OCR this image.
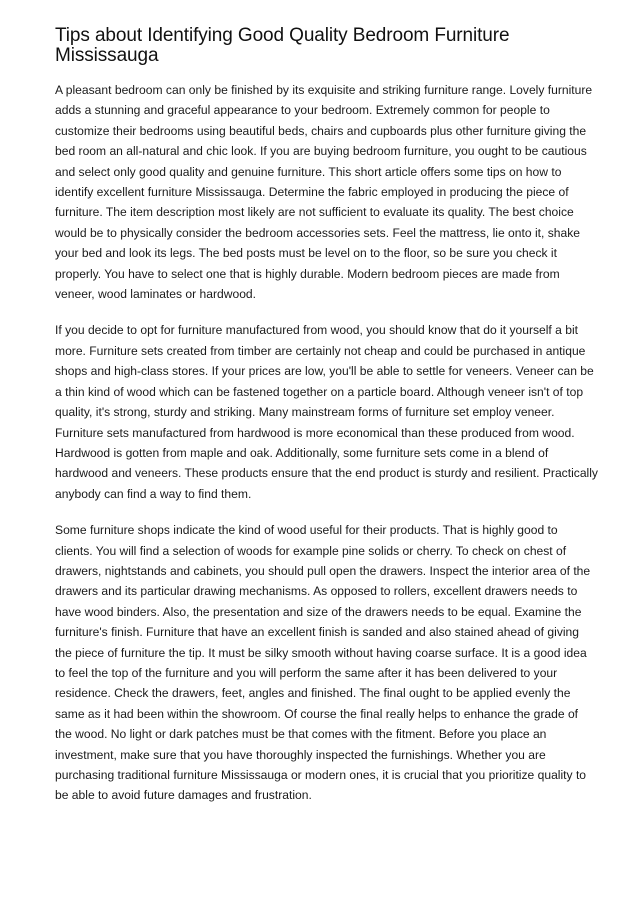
Tips about Identifying Good Quality Bedroom Furniture Mississauga

A pleasant bedroom can only be finished by its exquisite and striking furniture range. Lovely furniture adds a stunning and graceful appearance to your bedroom. Extremely common for people to customize their bedrooms using beautiful beds, chairs and cupboards plus other furniture giving the bed room an all-natural and chic look. If you are buying bedroom furniture, you ought to be cautious and select only good quality and genuine furniture. This short article offers some tips on how to identify excellent furniture Mississauga. Determine the fabric employed in producing the piece of furniture. The item description most likely are not sufficient to evaluate its quality. The best choice would be to physically consider the bedroom accessories sets. Feel the mattress, lie onto it, shake your bed and look its legs. The bed posts must be level on to the floor, so be sure you check it properly. You have to select one that is highly durable. Modern bedroom pieces are made from veneer, wood laminates or hardwood.

If you decide to opt for furniture manufactured from wood, you should know that do it yourself a bit more. Furniture sets created from timber are certainly not cheap and could be purchased in antique shops and high-class stores. If your prices are low, you'll be able to settle for veneers. Veneer can be a thin kind of wood which can be fastened together on a particle board. Although veneer isn't of top quality, it's strong, sturdy and striking. Many mainstream forms of furniture set employ veneer. Furniture sets manufactured from hardwood is more economical than these produced from wood. Hardwood is gotten from maple and oak. Additionally, some furniture sets come in a blend of hardwood and veneers. These products ensure that the end product is sturdy and resilient. Practically anybody can find a way to find them.

Some furniture shops indicate the kind of wood useful for their products. That is highly good to clients. You will find a selection of woods for example pine solids or cherry. To check on chest of drawers, nightstands and cabinets, you should pull open the drawers. Inspect the interior area of the drawers and its particular drawing mechanisms. As opposed to rollers, excellent drawers needs to have wood binders. Also, the presentation and size of the drawers needs to be equal. Examine the furniture's finish. Furniture that have an excellent finish is sanded and also stained ahead of giving the piece of furniture the tip. It must be silky smooth without having coarse surface. It is a good idea to feel the top of the furniture and you will perform the same after it has been delivered to your residence. Check the drawers, feet, angles and finished. The final ought to be applied evenly the same as it had been within the showroom. Of course the final really helps to enhance the grade of the wood. No light or dark patches must be that comes with the fitment. Before you place an investment, make sure that you have thoroughly inspected the furnishings. Whether you are purchasing traditional furniture Mississauga or modern ones, it is crucial that you prioritize quality to be able to avoid future damages and frustration.
